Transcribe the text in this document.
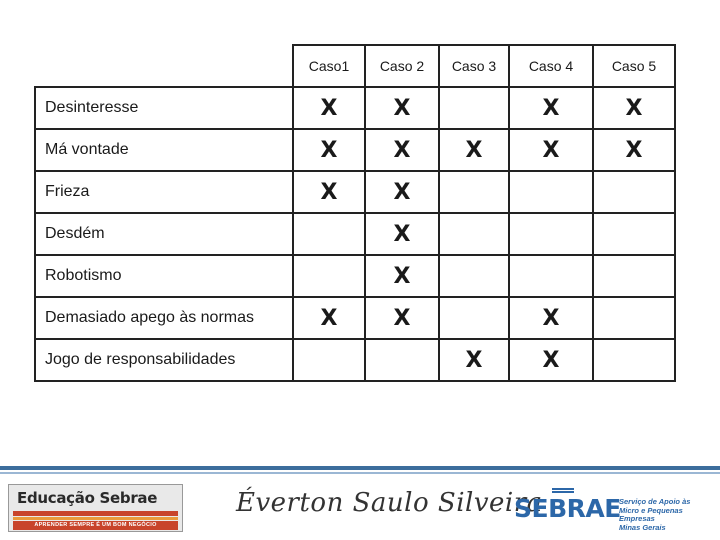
	Caso1	Caso 2	Caso 3	Caso 4	Caso 5
Desinteresse	X	X		X	X
Má vontade	X	X	X	X	X
Frieza	X	X			
Desdém		X			
Robotismo		X			
Demasiado apego às normas	X	X		X	
Jogo de responsabilidades			X	X	
Educação Sebrae
APRENDER SEMPRE É UM BOM NEGÓCIO
Éverton Saulo Silveira
SEBRAE
Serviço de Apoio às
Micro e Pequenas Empresas
Minas Gerais
